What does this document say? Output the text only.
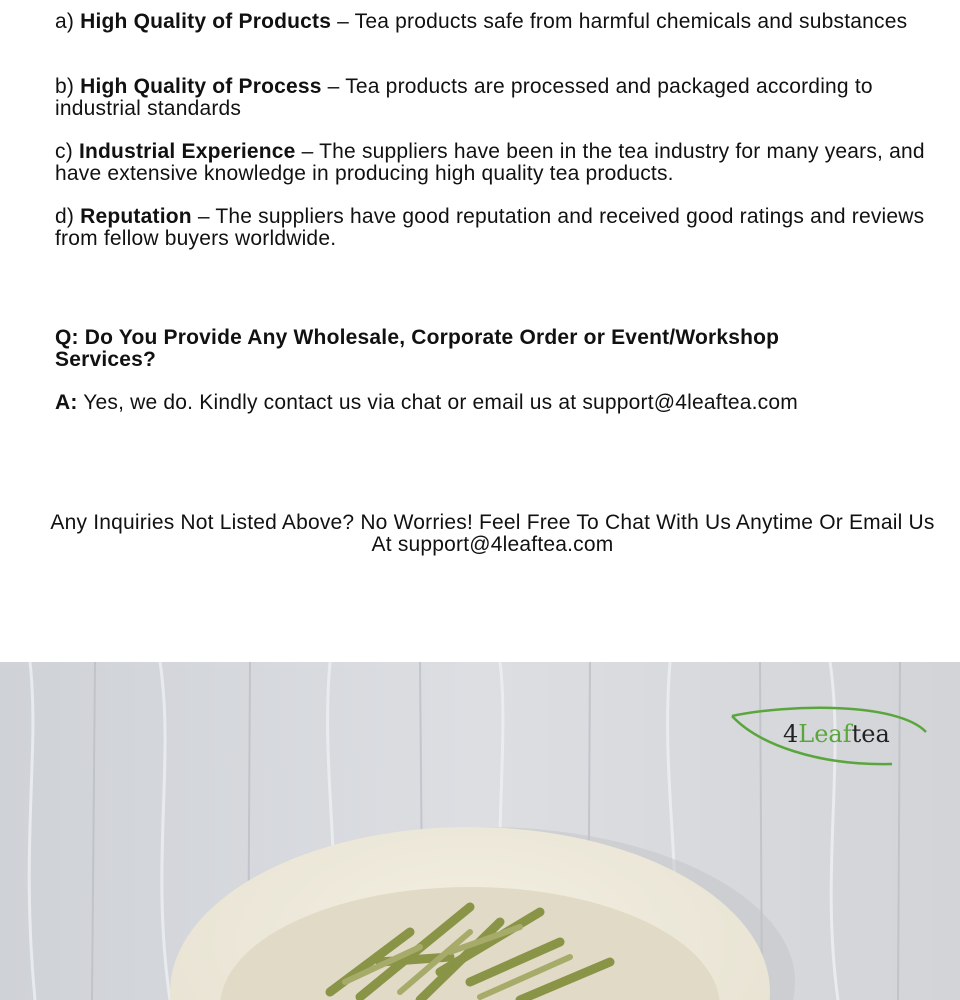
a) High Quality of Products – Tea products safe from harmful chemicals and substances
b) High Quality of Process – Tea products are processed and packaged according to industrial standards
c) Industrial Experience – The suppliers have been in the tea industry for many years, and have extensive knowledge in producing high quality tea products.
d) Reputation – The suppliers have good reputation and received good ratings and reviews from fellow buyers worldwide.
Q: Do You Provide Any Wholesale, Corporate Order or Event/Workshop Services?
A: Yes, we do. Kindly contact us via chat or email us at support@4leaftea.com
Any Inquiries Not Listed Above? No Worries! Feel Free To Chat With Us Anytime Or Email Us At support@4leaftea.com
4Leaftea
